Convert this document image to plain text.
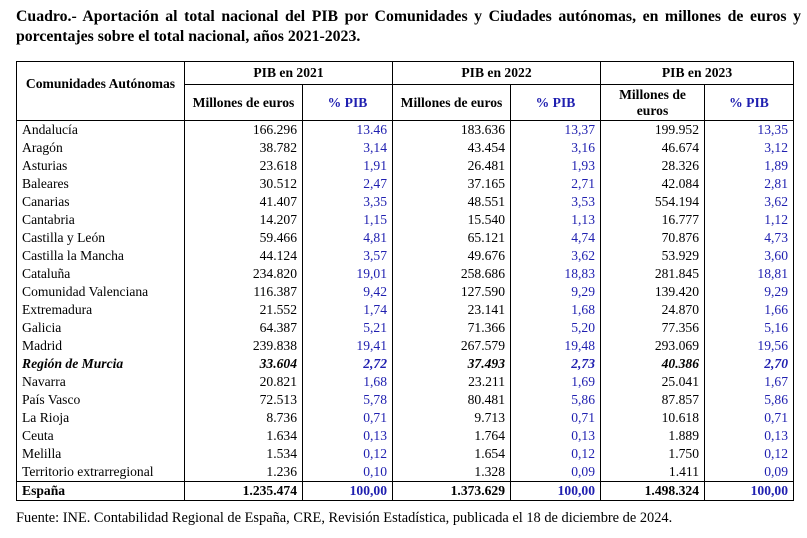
Cuadro.- Aportación al total nacional del PIB por Comunidades y Ciudades autónomas, en millones de euros y porcentajes sobre el total nacional, años 2021-2023.
Comunidades Autónomas	PIB en 2021		PIB en 2022		PIB en 2023	
	Millones de euros	% PIB	Millones de euros	% PIB	Millones de euros	% PIB
Andalucía	166.296	13.46	183.636	13,37	199.952	13,35
Aragón	38.782	3,14	43.454	3,16	46.674	3,12
Asturias	23.618	1,91	26.481	1,93	28.326	1,89
Baleares	30.512	2,47	37.165	2,71	42.084	2,81
Canarias	41.407	3,35	48.551	3,53	554.194	3,62
Cantabria	14.207	1,15	15.540	1,13	16.777	1,12
Castilla y León	59.466	4,81	65.121	4,74	70.876	4,73
Castilla la Mancha	44.124	3,57	49.676	3,62	53.929	3,60
Cataluña	234.820	19,01	258.686	18,83	281.845	18,81
Comunidad Valenciana	116.387	9,42	127.590	9,29	139.420	9,29
Extremadura	21.552	1,74	23.141	1,68	24.870	1,66
Galicia	64.387	5,21	71.366	5,20	77.356	5,16
Madrid	239.838	19,41	267.579	19,48	293.069	19,56
Región de Murcia	33.604	2,72	37.493	2,73	40.386	2,70
Navarra	20.821	1,68	23.211	1,69	25.041	1,67
País Vasco	72.513	5,78	80.481	5,86	87.857	5,86
La Rioja	8.736	0,71	9.713	0,71	10.618	0,71
Ceuta	1.634	0,13	1.764	0,13	1.889	0,13
Melilla	1.534	0,12	1.654	0,12	1.750	0,12
Territorio extrarregional	1.236	0,10	1.328	0,09	1.411	0,09
España	1.235.474	100,00	1.373.629	100,00	1.498.324	100,00
Fuente: INE. Contabilidad Regional de España, CRE, Revisión Estadística, publicada el 18 de diciembre de 2024.
